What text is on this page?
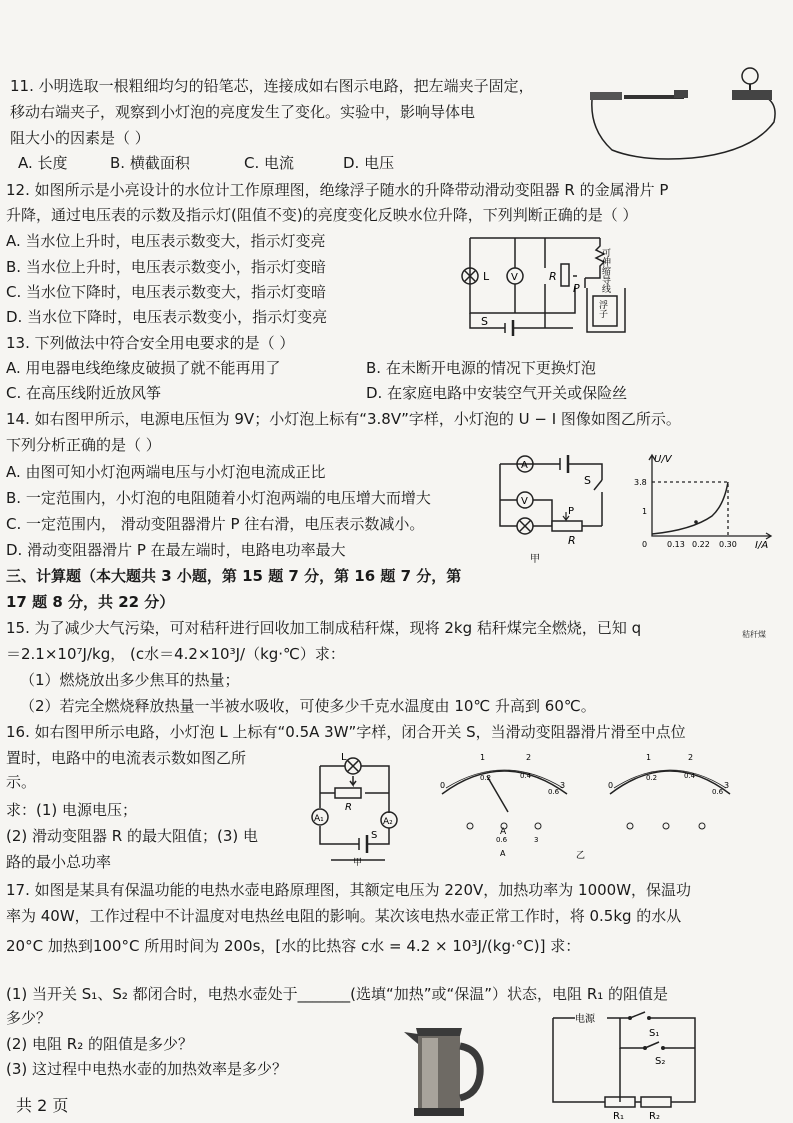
11. 小明选取一根粗细均匀的铅笔芯，连接成如右图示电路，把左端夹子固定，
移动右端夹子，观察到小灯泡的亮度发生了变化。实验中，影响导体电
阻大小的因素是（ ）
A. 长度	B. 横截面积	C. 电流	D. 电压
12. 如图所示是小亮设计的水位计工作原理图，绝缘浮子随水的升降带动滑动变阻器 R 的金属滑片 P
升降，通过电压表的示数及指示灯(阻值不变)的亮度变化反映水位升降，下列判断正确的是（ ）
A. 当水位上升时，电压表示数变大，指示灯变亮
B. 当水位上升时，电压表示数变小，指示灯变暗
C. 当水位下降时，电压表示数变大，指示灯变暗
D. 当水位下降时，电压表示数变小，指示灯变亮
L V	R
P
S
可伸缩导线
浮子
13. 下列做法中符合安全用电要求的是（ ）
A. 用电器电线绝缘皮破损了就不能再用了	B. 在未断开电源的情况下更换灯泡
C. 在高压线附近放风筝	D. 在家庭电路中安装空气开关或保险丝
14. 如右图甲所示，电源电压恒为 9V；小灯泡上标有“3.8V”字样，小灯泡的 U − I 图像如图乙所示。
下列分析正确的是（ ）
A. 由图可知小灯泡两端电压与小灯泡电流成正比
B. 一定范围内，小灯泡的电阻随着小灯泡两端的电压增大而增大
C. 一定范围内， 滑动变阻器滑片 P 往右滑，电压表示数减小。
D. 滑动变阻器滑片 P 在最左端时，电路电功率最大
A
V
S
P
R
甲
U/V
I/A
3.8
1
0 0.13 0.22 0.30
三、计算题（本大题共 3 小题，第 15 题 7 分，第 16 题 7 分，第
17 题 8 分，共 22 分）
15. 为了减少大气污染，可对秸秆进行回收加工制成秸秆煤，现将 2kg 秸秆煤完全燃烧，已知 q	秸秆煤
＝2.1×10⁷J/kg， (c水＝4.2×10³J/（kg·℃）求：
（1）燃烧放出多少焦耳的热量；
（2）若完全燃烧释放热量一半被水吸收，可使多少千克水温度由 10℃ 升高到 60℃。
16. 如右图甲所示电路，小灯泡 L 上标有“0.5A 3W”字样，闭合开关 S，当滑动变阻器滑片滑至中点位
置时，电路中的电流表示数如图乙所
示。
求：(1) 电源电压；
(2) 滑动变阻器 R 的最大阻值；(3) 电
路的最小总功率
L
A₁	A₂
R
S
甲
0
1	2
3
0.2	0.4
0.6
A
0.6	3
A
0
1	2
3
0.2	0.4
0.6
乙
17. 如图是某具有保温功能的电热水壶电路原理图，其额定电压为 220V，加热功率为 1000W，保温功
率为 40W，工作过程中不计温度对电热丝电阻的影响。某次该电热水壶正常工作时，将 0.5kg 的水从
20°C 加热到100°C 所用时间为 200s，[水的比热容 c水 = 4.2 × 10³J/(kg·°C)] 求：
(1) 当开关 S₁、S₂ 都闭合时，电热水壶处于_______(选填“加热”或“保温”）状态，电阻 R₁ 的阻值是
多少？
(2) 电阻 R₂ 的阻值是多少？
(3) 这过程中电热水壶的加热效率是多少？
电源
S₁
S₂
R₁	R₂
共 2 页
